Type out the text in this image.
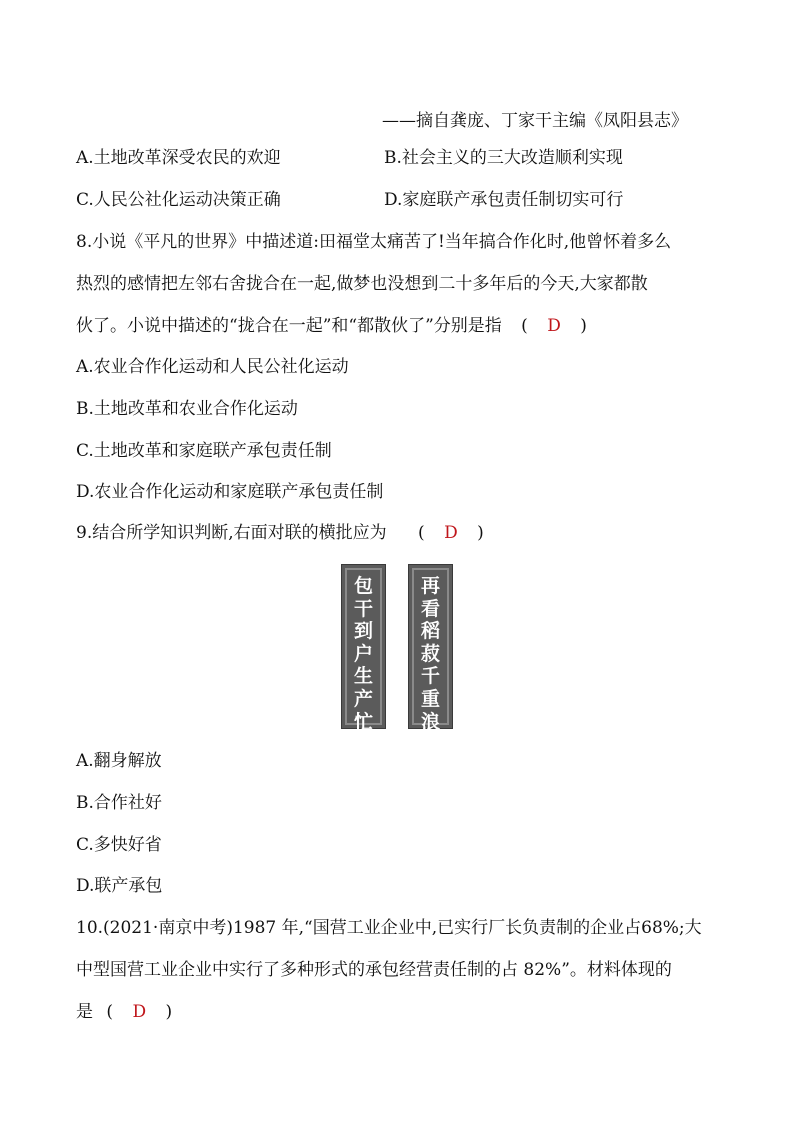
——摘自龚庞、丁家干主编《凤阳县志》
A.土地改革深受农民的欢迎	B.社会主义的三大改造顺利实现
C.人民公社化运动决策正确	D.家庭联产承包责任制切实可行
8.小说《平凡的世界》中描述道:田福堂太痛苦了!当年搞合作化时,他曾怀着多么
热烈的感情把左邻右舍拢合在一起,做梦也没想到二十多年后的今天,大家都散
伙了。小说中描述的“拢合在一起”和“都散伙了”分别是指 ( D )
A.农业合作化运动和人民公社化运动
B.土地改革和农业合作化运动
C.土地改革和家庭联产承包责任制
D.农业合作化运动和家庭联产承包责任制
9.结合所学知识判断,右面对联的横批应为 ( D )
包
干
到
户
生
产
忙
再
看
稻
菽
千
重
浪
A.翻身解放
B.合作社好
C.多快好省
D.联产承包
10.(2021·南京中考)1987 年,“国营工业企业中,已实行厂长负责制的企业占68%;大
中型国营工业企业中实行了多种形式的承包经营责任制的占 82%”。材料体现的
是 ( D )
